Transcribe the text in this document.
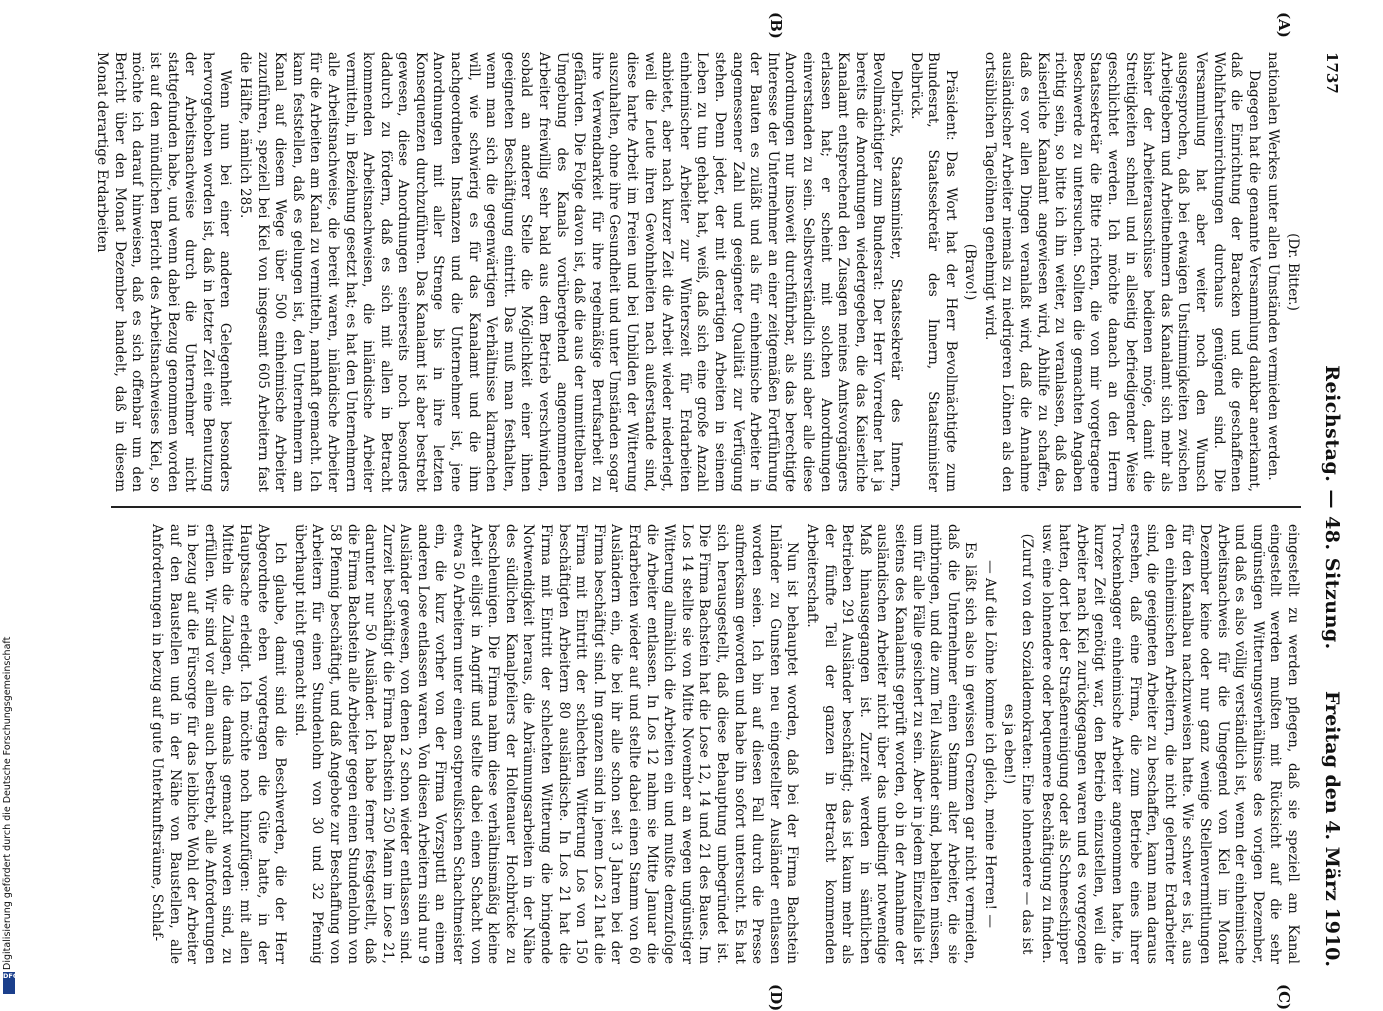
Digitalisierung gefördert durch die Deutsche Forschungsgemeinschaft
DFG
1737
Reichstag. — 48. Sitzung.
Freitag den 4. März 1910.
(A)
(B)
(C)
(D)

(Dr. Bitter.)

nationalen Werkes unter allen Umständen vermieden werden.

Dagegen hat die genannte Versammlung dankbar anerkannt, daß die Einrichtung der Baracken und die geschaffenen Wohlfahrtseinrichtungen durchaus genügend sind. Die Versammlung hat aber weiter noch den Wunsch ausgesprochen, daß bei etwaigen Unstimmigkeiten zwischen Arbeitgebern und Arbeitnehmern das Kanalamt sich mehr als bisher der Arbeiterausschüsse bedienen möge, damit die Streitigkeiten schnell und in allseitig befriedigender Weise geschlichtet werden. Ich möchte danach an den Herrn Staatssekretär die Bitte richten, die von mir vorgetragene Beschwerde zu untersuchen. Sollten die gemachten Angaben richtig sein, so bitte ich ihn weiter, zu veranlassen, daß das Kaiserliche Kanalamt angewiesen wird, Abhilfe zu schaffen, daß es vor allen Dingen veranlaßt wird, daß die Annahme ausländischer Arbeiter niemals zu niedrigeren Löhnen als den ortsüblichen Tagelöhnen genehmigt wird.

(Bravo!)

Präsident: Das Wort hat der Herr Bevollmächtigte zum Bundesrat, Staatssekretär des Innern, Staatsminister Delbrück.

Delbrück, Staatsminister, Staatssekretär des Innern, Bevollmächtigter zum Bundesrat: Der Herr Vorredner hat ja bereits die Anordnungen wiedergegeben, die das Kaiserliche Kanalamt entsprechend den Zusagen meines Amtsvorgängers erlassen hat; er scheint mit solchen Anordnungen einverstanden zu sein. Selbstverständlich sind aber alle diese Anordnungen nur insoweit durchführbar, als das berechtigte Interesse der Unternehmer an einer zeitgemäßen Fortführung der Bauten es zuläßt und als für einheimische Arbeiter in angemessener Zahl und geeigneter Qualität zur Verfügung stehen. Denn jeder, der mit derartigen Arbeiten in seinem Leben zu tun gehabt hat, weiß, daß sich eine große Anzahl einheimischer Arbeiter zur Winterszeit für Erdarbeiten anbietet, aber nach kurzer Zeit die Arbeit wieder niederlegt, weil die Leute ihren Gewohnheiten nach außerstande sind, diese harte Arbeit im Freien und bei Unbilden der Witterung auszuhalten, ohne ihre Gesundheit und unter Umständen sogar ihre Verwendbarkeit für ihre regelmäßige Berufsarbeit zu gefährden. Die Folge davon ist, daß die aus der unmittelbaren Umgebung des Kanals vorübergehend angenommenen Arbeiter freiwillig sehr bald aus dem Betrieb verschwinden, sobald an anderer Stelle die Möglichkeit einer ihnen geeigneten Beschäftigung eintritt. Das muß man festhalten, wenn man sich die gegenwärtigen Verhältnisse klarmachen will, wie schwierig es für das Kanalamt und die ihm nachgeordneten Instanzen und die Unternehmer ist, jene Anordnungen mit aller Strenge bis in ihre letzten Konsequenzen durchzuführen. Das Kanalamt ist aber bestrebt gewesen, diese Anordnungen seinerseits noch besonders dadurch zu fördern, daß es sich mit allen in Betracht kommenden Arbeitsnachweisen, die inländische Arbeiter vermitteln, in Beziehung gesetzt hat; es hat den Unternehmern alle Arbeitsnachweise, die bereit waren, inländische Arbeiter für die Arbeiten am Kanal zu vermitteln, namhaft gemacht. Ich kann feststellen, daß es gelungen ist, den Unternehmern am Kanal auf diesem Wege über 500 einheimische Arbeiter zuzuführen, speziell bei Kiel von insgesamt 605 Arbeitern fast die Hälfte, nämlich 285.

Wenn nun bei einer anderen Gelegenheit besonders hervorgehoben worden ist, daß in letzter Zeit eine Benutzung der Arbeitsnachweise durch die Unternehmer nicht stattgefunden habe, und wenn dabei Bezug genommen worden ist auf den mündlichen Bericht des Arbeitsnachweises Kiel, so möchte ich darauf hinweisen, daß es sich offenbar um den Bericht über den Monat Dezember handelt, daß in diesem Monat derartige Erdarbeiten

eingestellt zu werden pflegen, daß sie speziell am Kanal eingestellt werden mußten mit Rücksicht auf die sehr ungünstigen Witterungsverhältnisse des vorigen Dezember, und daß es also völlig verständlich ist, wenn der einheimische Arbeitsnachweis für die Umgegend von Kiel im Monat Dezember keine oder nur ganz wenige Stellenvermittlungen für den Kanalbau nachzuweisen hatte. Wie schwer es ist, aus den einheimischen Arbeitern, die nicht gelernte Erdarbeiter sind, die geeigneten Arbeiter zu beschaffen, kann man daraus ersehen, daß eine Firma, die zum Betriebe eines ihrer Trockenbagger einheimische Arbeiter angenommen hatte, in kurzer Zeit genötigt war, den Betrieb einzustellen, weil die Arbeiter nach Kiel zurückgegangen waren und es vorgezogen hatten, dort bei der Straßenreinigung oder als Schneeschipper usw. eine lohnendere oder bequemere Beschäftigung zu finden.

(Zuruf von den Sozialdemokraten: Eine lohnendere — das ist es ja eben!)

— Auf die Löhne komme ich gleich, meine Herren! —

Es läßt sich also in gewissen Grenzen gar nicht vermeiden, daß die Unternehmer einen Stamm alter Arbeiter, die sie mitbringen, und die zum Teil Ausländer sind, behalten müssen, um für alle Fälle gesichert zu sein. Aber in jedem Einzelfalle ist seitens des Kanalamts geprüft worden, ob in der Annahme der ausländischen Arbeiter nicht über das unbedingt notwendige Maß hinausgegangen ist. Zurzeit werden in sämtlichen Betrieben 291 Ausländer beschäftigt; das ist kaum mehr als der fünfte Teil der ganzen in Betracht kommenden Arbeiterschaft.

Nun ist behauptet worden, daß bei der Firma Bachstein Inländer zu Gunsten neu eingestellter Ausländer entlassen worden seien. Ich bin auf diesen Fall durch die Presse aufmerksam geworden und habe ihn sofort untersucht. Es hat sich herausgestellt, daß diese Behauptung unbegründet ist. Die Firma Bachstein hat die Lose 12, 14 und 21 des Baues. Im Los 14 stellte sie von Mitte November an wegen ungünstiger Witterung allmählich die Arbeiten ein und mußte demzufolge die Arbeiter entlassen. In Los 12 nahm sie Mitte Januar die Erdarbeiten wieder auf und stellte dabei einen Stamm von 60 Ausländern ein, die bei ihr alle schon seit 3 Jahren bei der Firma beschäftigt sind. Im ganzen sind in jenem Los 21 hat die Firma mit Eintritt der schlechten Witterung Los von 150 beschäftigten Arbeitern 80 ausländische. In Los 21 hat die Firma mit Eintritt der schlechten Witterung die bringende Notwendigkeit heraus, die Abräumungsarbeiten in der Nähe des südlichen Kanalpfeilers der Holtenauer Hochbrücke zu beschleunigen. Die Firma nahm diese verhältnismäßig kleine Arbeit eiligst in Angriff und stellte dabei einen Schacht von etwa 50 Arbeitern unter einem ostpreußischen Schachtmeister ein, die kurz vorher von der Firma Vorzsputtl an einem anderen Lose entlassen waren. Von diesen Arbeitern sind nur 9 Ausländer gewesen, von denen 2 schon wieder entlassen sind. Zurzeit beschäftigt die Firma Bachstein 250 Mann im Lose 21, darunter nur 50 Ausländer. Ich habe ferner festgestellt, daß die Firma Bachstein alle Arbeiter gegen einen Stundenlohn von 58 Pfennig beschäftigt, und daß Angebote zur Beschaffung von Arbeitern für einen Stundenlohn von 30 und 32 Pfennig überhaupt nicht gemacht sind.

Ich glaube, damit sind die Beschwerden, die der Herr Abgeordnete eben vorgetragen die Güte hatte, in der Hauptsache erledigt. Ich möchte noch hinzufügen: mit allen Mitteln die Zulagen, die damals gemacht worden sind, zu erfüllen. Wir sind vor allem auch bestrebt, alle Anforderungen in bezug auf die Fürsorge für das leibliche Wohl der Arbeiter auf den Baustellen und in der Nähe von Baustellen, alle Anforderungen in bezug auf gute Unterkunftsräume, Schlaf-
